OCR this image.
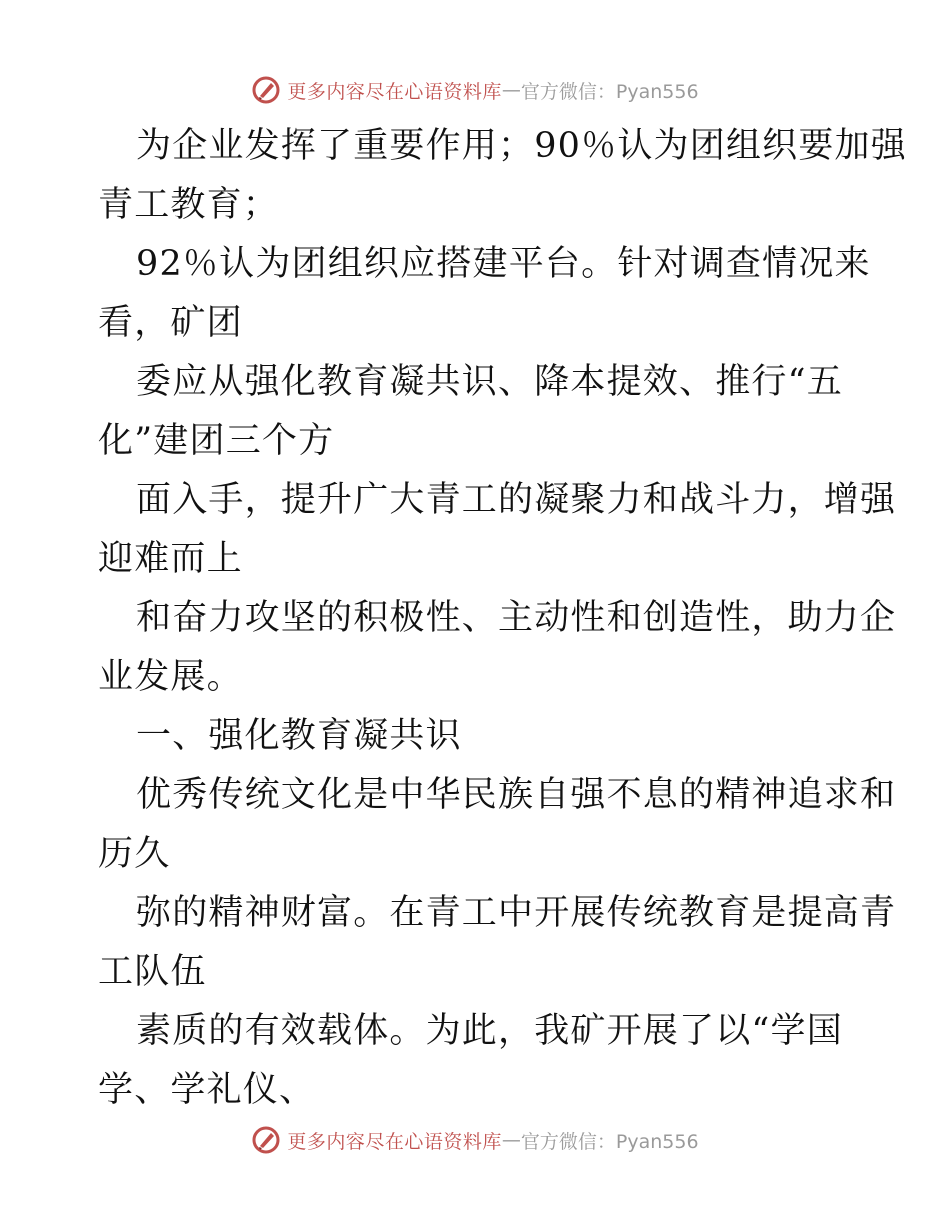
更多内容尽在心语资料库 — 官方微信：Pyan556
为企业发挥了重要作用；90％认为团组织要加强
青工教育；
92％认为团组织应搭建平台。针对调查情况来
看，矿团
委应从强化教育凝共识、降本提效、推行“五
化”建团三个方
面入手，提升广大青工的凝聚力和战斗力，增强
迎难而上
和奋力攻坚的积极性、主动性和创造性，助力企
业发展。
一、强化教育凝共识
优秀传统文化是中华民族自强不息的精神追求和
历久
弥的精神财富。在青工中开展传统教育是提高青
工队伍
素质的有效载体。为此，我矿开展了以“学国
学、学礼仪、
更多内容尽在心语资料库 — 官方微信：Pyan556
